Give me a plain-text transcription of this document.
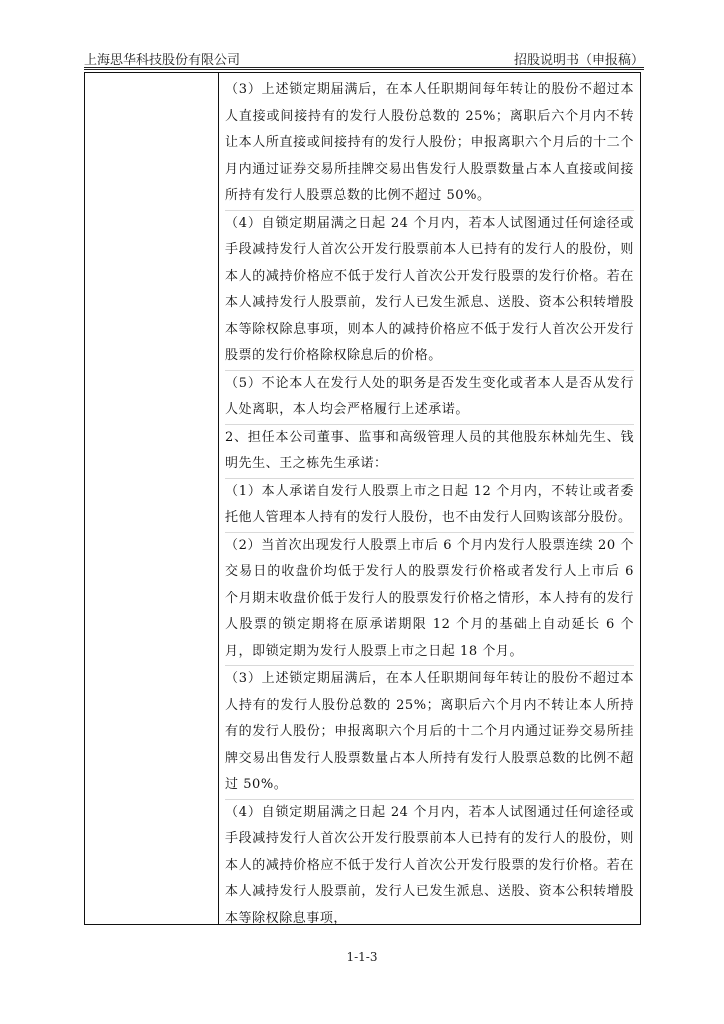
上海思华科技股份有限公司	招股说明书（申报稿）

（3）上述锁定期届满后，在本人任职期间每年转让的股份不超过本人直接或间接持有的发行人股份总数的 25%；离职后六个月内不转让本人所直接或间接持有的发行人股份；申报离职六个月后的十二个月内通过证券交易所挂牌交易出售发行人股票数量占本人直接或间接所持有发行人股票总数的比例不超过 50%。

（4）自锁定期届满之日起 24 个月内，若本人试图通过任何途径或手段减持发行人首次公开发行股票前本人已持有的发行人的股份，则本人的减持价格应不低于发行人首次公开发行股票的发行价格。若在本人减持发行人股票前，发行人已发生派息、送股、资本公积转增股本等除权除息事项，则本人的减持价格应不低于发行人首次公开发行股票的发行价格除权除息后的价格。

（5）不论本人在发行人处的职务是否发生变化或者本人是否从发行人处离职，本人均会严格履行上述承诺。

2、担任本公司董事、监事和高级管理人员的其他股东林灿先生、钱明先生、王之栋先生承诺：

（1）本人承诺自发行人股票上市之日起 12 个月内，不转让或者委托他人管理本人持有的发行人股份，也不由发行人回购该部分股份。

（2）当首次出现发行人股票上市后 6 个月内发行人股票连续 20 个交易日的收盘价均低于发行人的股票发行价格或者发行人上市后 6 个月期末收盘价低于发行人的股票发行价格之情形，本人持有的发行人股票的锁定期将在原承诺期限 12 个月的基础上自动延长 6 个月，即锁定期为发行人股票上市之日起 18 个月。

（3）上述锁定期届满后，在本人任职期间每年转让的股份不超过本人持有的发行人股份总数的 25%；离职后六个月内不转让本人所持有的发行人股份；申报离职六个月后的十二个月内通过证券交易所挂牌交易出售发行人股票数量占本人所持有发行人股票总数的比例不超过 50%。

（4）自锁定期届满之日起 24 个月内，若本人试图通过任何途径或手段减持发行人首次公开发行股票前本人已持有的发行人的股份，则本人的减持价格应不低于发行人首次公开发行股票的发行价格。若在本人减持发行人股票前，发行人已发生派息、送股、资本公积转增股本等除权除息事项，

1-1-3
